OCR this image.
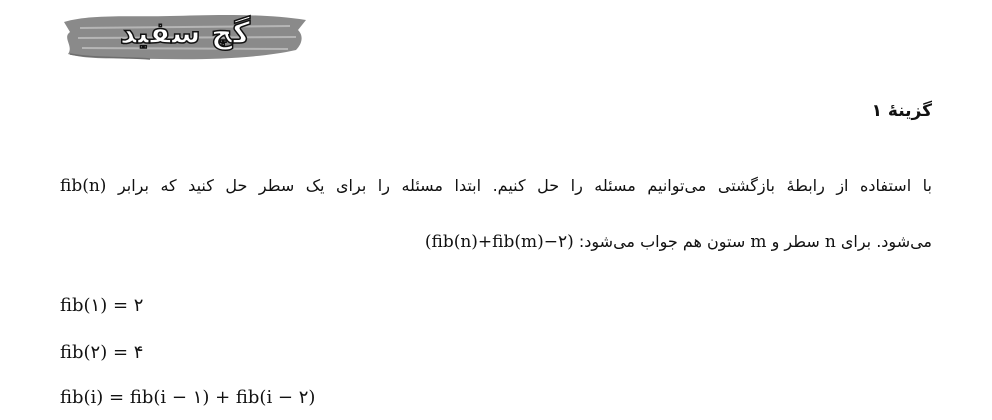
گچ سفید
گزینهٔ ۱
با استفاده از رابطهٔ بازگشتی می‌توانیم مسئله را حل کنیم. ابتدا مسئله را برای یک سطر حل کنید که برابر fib(n)
می‌شود. برای n سطر و m ستون هم جواب می‌شود: (fib(n)+fib(m)−۲)
fib(۱) = ۲
fib(۲) = ۴
fib(i) = fib(i − ۱) + fib(i − ۲)
